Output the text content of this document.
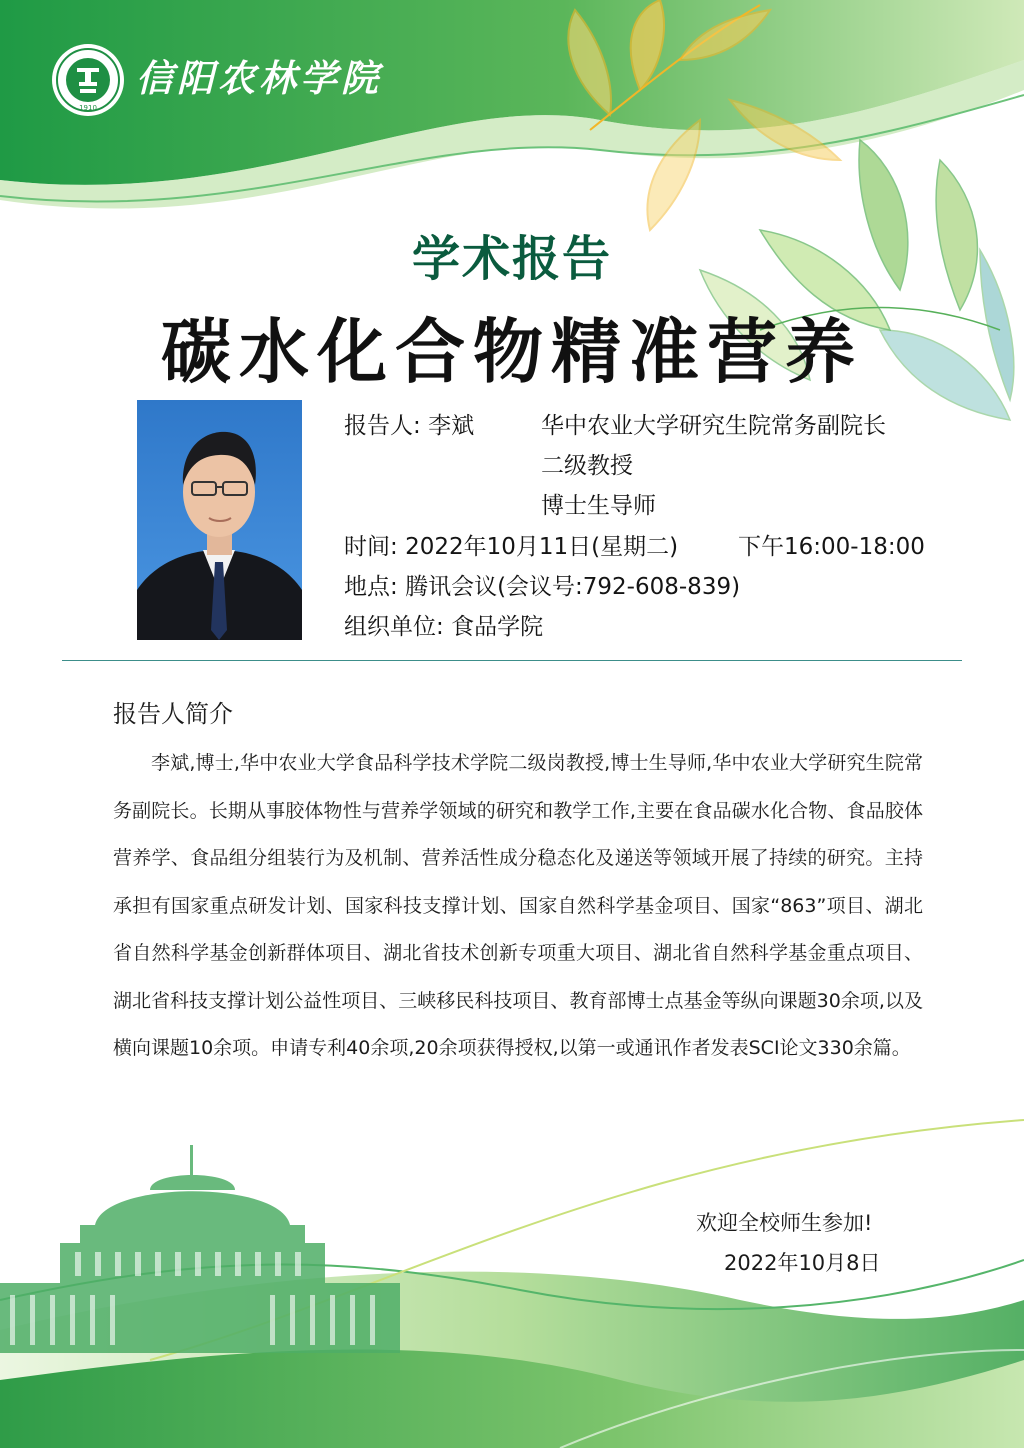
1910
信阳农林学院
学术报告
碳水化合物精准营养
报告人: 李斌	华中农业大学研究生院常务副院长
二级教授
博士生导师
时间: 2022年10月11日(星期二)	下午16:00-18:00
地点: 腾讯会议(会议号:792-608-839)
组织单位: 食品学院
报告人简介
李斌,博士,华中农业大学食品科学技术学院二级岗教授,博士生导师,华中农业大学研究生院常务副院长。长期从事胶体物性与营养学领域的研究和教学工作,主要在食品碳水化合物、食品胶体营养学、食品组分组装行为及机制、营养活性成分稳态化及递送等领域开展了持续的研究。主持承担有国家重点研发计划、国家科技支撑计划、国家自然科学基金项目、国家“863”项目、湖北省自然科学基金创新群体项目、湖北省技术创新专项重大项目、湖北省自然科学基金重点项目、湖北省科技支撑计划公益性项目、三峡移民科技项目、教育部博士点基金等纵向课题30余项,以及横向课题10余项。申请专利40余项,20余项获得授权,以第一或通讯作者发表SCI论文330余篇。
欢迎全校师生参加!
2022年10月8日
